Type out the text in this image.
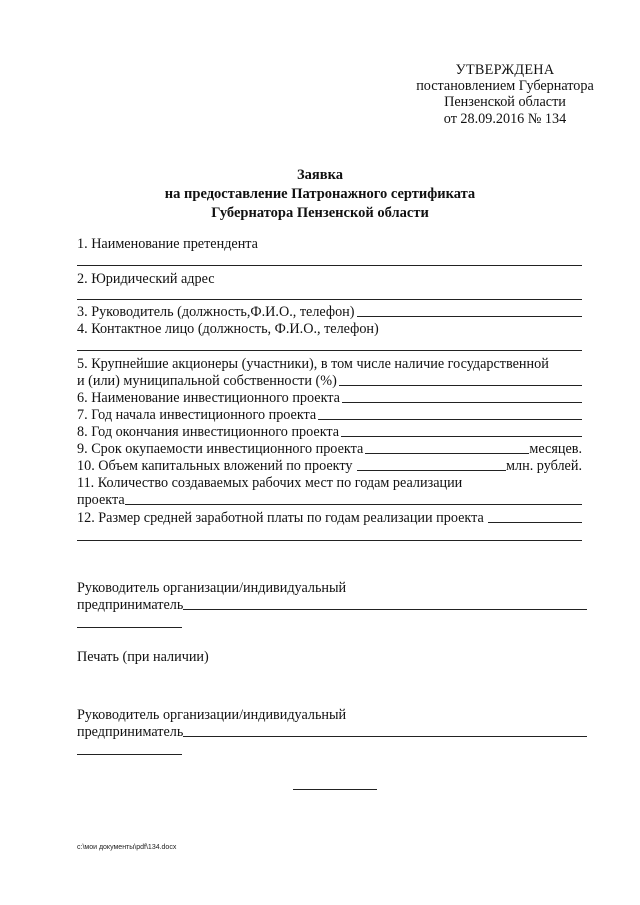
УТВЕРЖДЕНА
постановлением Губернатора
Пензенской области
от 28.09.2016 № 134
Заявка
на предоставление Патронажного сертификата
Губернатора Пензенской области
1. Наименование претендента
2. Юридический адрес
3. Руководитель (должность,Ф.И.О., телефон)
4. Контактное лицо (должность, Ф.И.О., телефон)
5. Крупнейшие акционеры (участники), в том числе наличие государственной
и (или) муниципальной собственности (%)
6. Наименование инвестиционного проекта
7. Год начала инвестиционного проекта
8. Год окончания инвестиционного проекта
9. Срок окупаемости инвестиционного проекта	месяцев.
10. Объем капитальных вложений по проекту	млн. рублей.
11. Количество создаваемых рабочих мест по годам реализации
проекта
12. Размер средней заработной платы по годам реализации проекта
Руководитель организации/индивидуальный
предприниматель
Печать (при наличии)
Руководитель организации/индивидуальный
предприниматель
c:\мои документы\pdf\134.docx
